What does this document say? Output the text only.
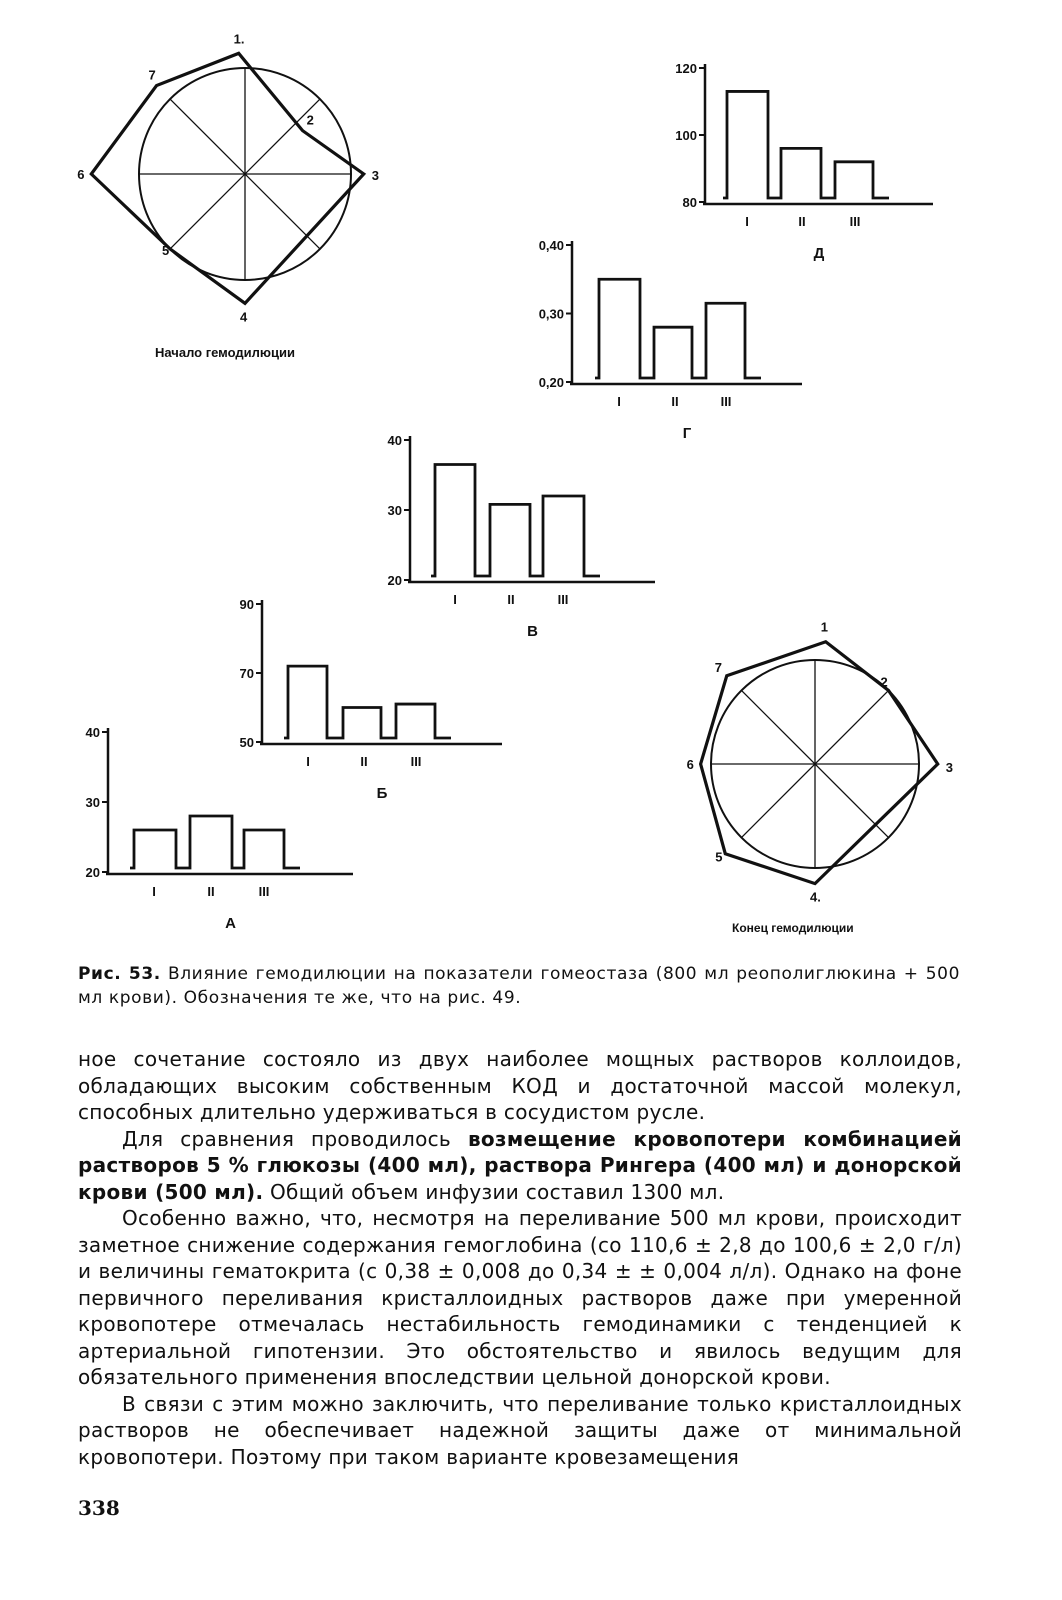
1.
2
3
4
5
6
7
1
2
3
4.
5
6
7
20
30
40
I	II	III
А
50
70
90
I	II	III
Б
20
30
40
I	II	III
В
0,20
0,30
0,40
I	II	III
Г
80
100
120
I	II	III
Д
Начало гемодилюции
Конец гемодилюции
Рис. 53. Влияние гемодилюции на показатели гомеостаза (800 мл реополиглюкина + 500 мл крови). Обозначения те же, что на рис. 49.

ное сочетание состояло из двух наиболее мощных растворов коллоидов, обладающих высоким собственным КОД и достаточной массой молекул, способных длительно удерживаться в сосудистом русле.

Для сравнения проводилось возмещение кровопотери комбинацией растворов 5 % глюкозы (400 мл), раствора Рингера (400 мл) и донорской крови (500 мл). Общий объем инфузии составил 1300 мл.

Особенно важно, что, несмотря на переливание 500 мл крови, происходит заметное снижение содержания гемоглобина (со 110,6 ± 2,8 до 100,6 ± 2,0 г/л) и величины гематокрита (с 0,38 ± 0,008 до 0,34 ± ± 0,004 л/л). Однако на фоне первичного переливания кристаллоидных растворов даже при умеренной кровопотере отмечалась нестабильность гемодинамики с тенденцией к артериальной гипотензии. Это обстоятельство и явилось ведущим для обязательного применения впоследствии цельной донорской крови.

В связи с этим можно заключить, что переливание только кристаллоидных растворов не обеспечивает надежной защиты даже от минимальной кровопотери. Поэтому при таком варианте кровезамещения

338
